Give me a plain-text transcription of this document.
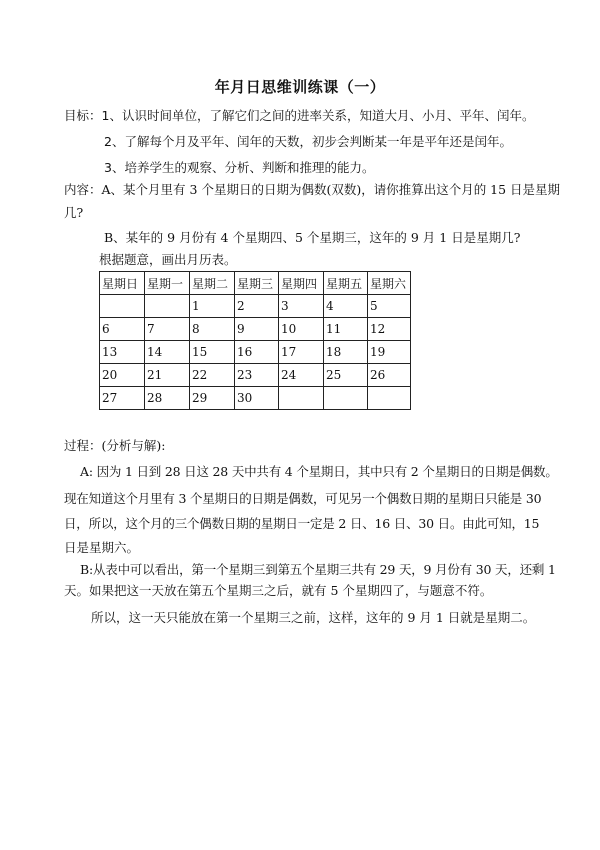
年月日思维训练课（一）
目标：1、认识时间单位，了解它们之间的进率关系，知道大月、小月、平年、闰年。
2、了解每个月及平年、闰年的天数，初步会判断某一年是平年还是闰年。
3、培养学生的观察、分析、判断和推理的能力。
内容：A、某个月里有 3 个星期日的日期为偶数(双数)，请你推算出这个月的 15 日是星期
几?
B、某年的 9 月份有 4 个星期四、5 个星期三，这年的 9 月 1 日是星期几?
根据题意，画出月历表。
星期日	星期一	星期二	星期三	星期四	星期五	星期六
		1	2	3	4	5
6	7	8	9	10	11	12
13	14	15	16	17	18	19
20	21	22	23	24	25	26
27	28	29	30			
过程：(分析与解):
A: 因为 1 日到 28 日这 28 天中共有 4 个星期日，其中只有 2 个星期日的日期是偶数。
现在知道这个月里有 3 个星期日的日期是偶数，可见另一个偶数日期的星期日只能是 30
日，所以，这个月的三个偶数日期的星期日一定是 2 日、16 日、30 日。由此可知，15
日是星期六。
B:从表中可以看出，第一个星期三到第五个星期三共有 29 天，9 月份有 30 天，还剩 1
天。如果把这一天放在第五个星期三之后，就有 5 个星期四了，与题意不符。
所以，这一天只能放在第一个星期三之前，这样，这年的 9 月 1 日就是星期二。
